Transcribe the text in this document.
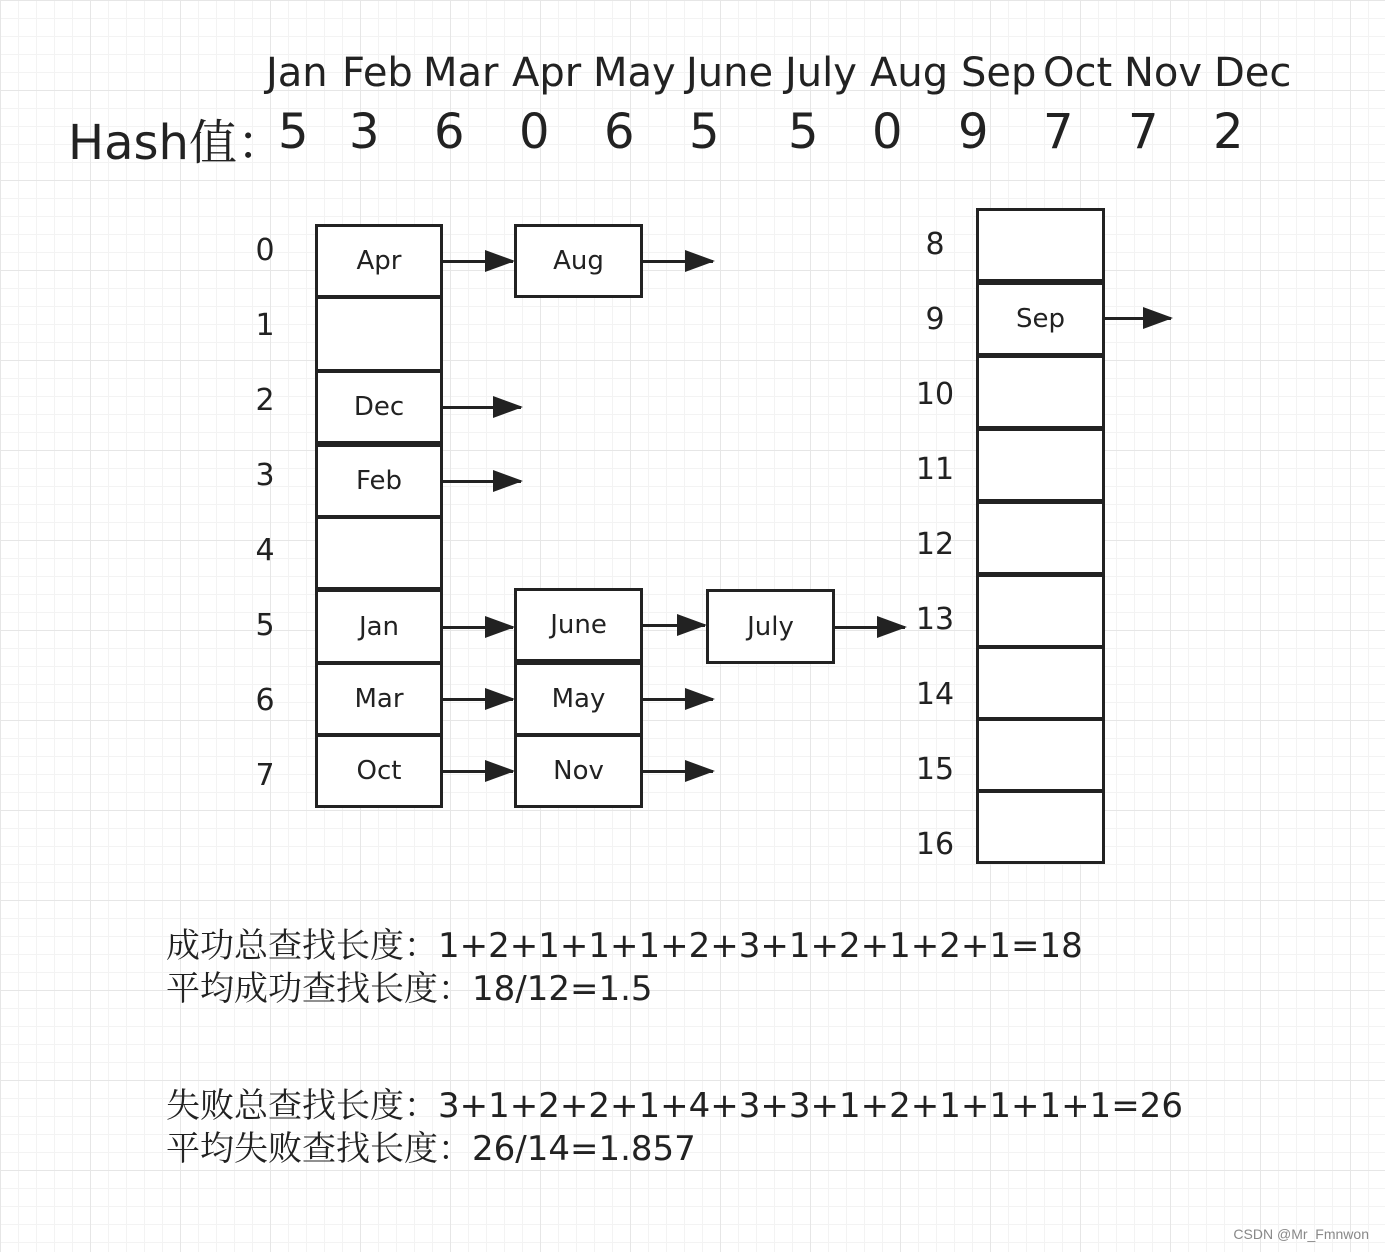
Jan Feb Mar Apr May June July Aug Sep Oct Nov Dec
Hash值：
5 3 6 0 6 5 5 0 9 7 7 2
0
1
2
3
4
5
6
7
Apr
Dec
Feb
Jan
Mar
Oct
Aug
June	July
May
Nov
8
9
10
11
12
13
14
15
16
Sep
成功总查找长度：1+2+1+1+1+2+3+1+2+1+2+1=18
平均成功查找长度：18/12=1.5
失败总查找长度：3+1+2+2+1+4+3+3+1+2+1+1+1+1=26
平均失败查找长度：26/14=1.857
CSDN @Mr_Fmnwon
